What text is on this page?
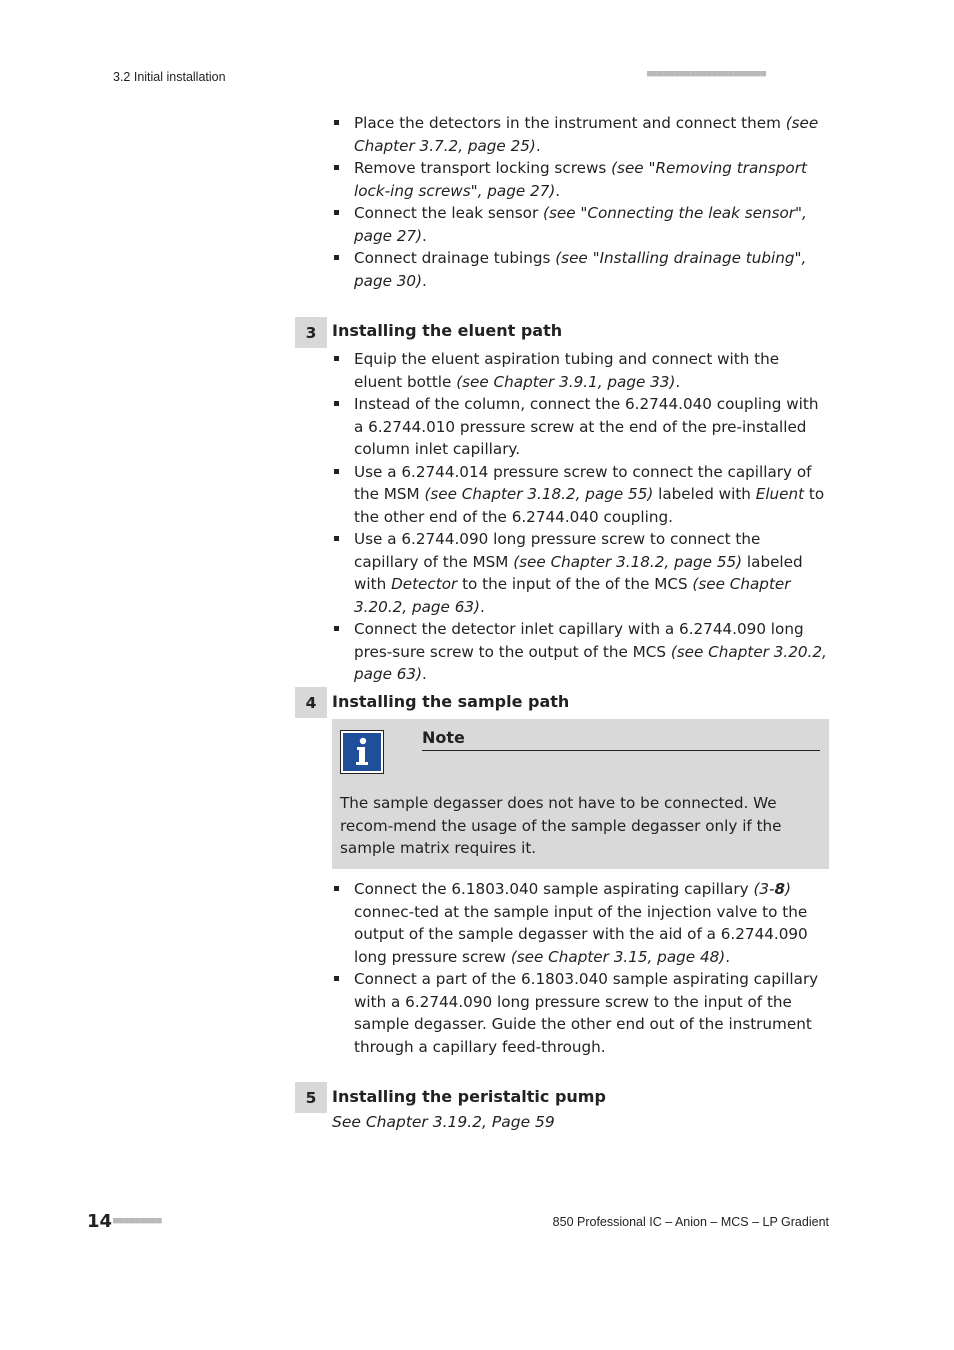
3.2 Initial installation	■■■■■■■■■■■■■■■■■■■■■■
Place the detectors in the instrument and connect them (see Chapter 3.7.2, page 25).
Remove transport locking screws (see "Removing transport lock-ing screws", page 27).
Connect the leak sensor (see "Connecting the leak sensor", page 27).
Connect drainage tubings (see "Installing drainage tubing", page 30).
3 Installing the eluent path
Equip the eluent aspiration tubing and connect with the eluent bottle (see Chapter 3.9.1, page 33).
Instead of the column, connect the 6.2744.040 coupling with a 6.2744.010 pressure screw at the end of the pre-installed column inlet capillary.
Use a 6.2744.014 pressure screw to connect the capillary of the MSM (see Chapter 3.18.2, page 55) labeled with Eluent to the other end of the 6.2744.040 coupling.
Use a 6.2744.090 long pressure screw to connect the capillary of the MSM (see Chapter 3.18.2, page 55) labeled with Detector to the input of the of the MCS (see Chapter 3.20.2, page 63).
Connect the detector inlet capillary with a 6.2744.090 long pres-sure screw to the output of the MCS (see Chapter 3.20.2, page 63).
4 Installing the sample path
Note
The sample degasser does not have to be connected. We recom-mend the usage of the sample degasser only if the sample matrix requires it.
Connect the 6.1803.040 sample aspirating capillary (3-8) connec-ted at the sample input of the injection valve to the output of the sample degasser with the aid of a 6.2744.090 long pressure screw (see Chapter 3.15, page 48).
Connect a part of the 6.1803.040 sample aspirating capillary with a 6.2744.090 long pressure screw to the input of the sample degasser. Guide the other end out of the instrument through a capillary feed-through.
5 Installing the peristaltic pump
See Chapter 3.19.2, Page 59
14 ■■■■■■■■■	850 Professional IC – Anion – MCS – LP Gradient
